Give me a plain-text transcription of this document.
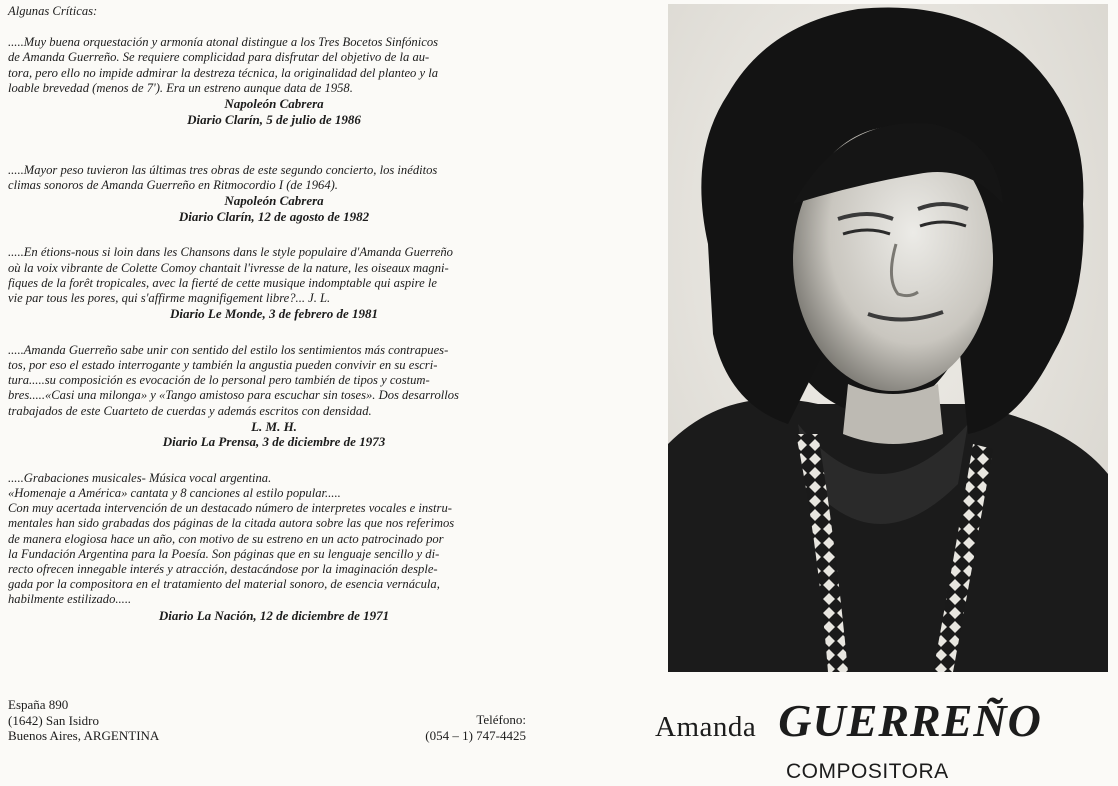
Algunas Críticas:
.....Muy buena orquestación y armonía atonal distingue a los Tres Bocetos Sinfónicos
de Amanda Guerreño. Se requiere complicidad para disfrutar del objetivo de la au-
tora, pero ello no impide admirar la destreza técnica, la originalidad del planteo y la
loable brevedad (menos de 7'). Era un estreno aunque data de 1958.
Napoleón Cabrera
Diario Clarín, 5 de julio de 1986
.....Mayor peso tuvieron las últimas tres obras de este segundo concierto, los inéditos
climas sonoros de Amanda Guerreño en Ritmocordio I (de 1964).
Napoleón Cabrera
Diario Clarín, 12 de agosto de 1982
.....En étions-nous si loin dans les Chansons dans le style populaire d'Amanda Guerreño
où la voix vibrante de Colette Comoy chantait l'ivresse de la nature, les oiseaux magni-
fiques de la forêt tropicales, avec la fierté de cette musique indomptable qui aspire le
vie par tous les pores, qui s'affirme magnifigement libre?... J. L.
Diario Le Monde, 3 de febrero de 1981
.....Amanda Guerreño sabe unir con sentido del estilo los sentimientos más contrapues-
tos, por eso el estado interrogante y también la angustia pueden convivir en su escri-
tura.....su composición es evocación de lo personal pero también de tipos y costum-
bres.....«Casi una milonga» y «Tango amistoso para escuchar sin toses». Dos desarrollos
trabajados de este Cuarteto de cuerdas y además escritos con densidad.
L. M. H.
Diario La Prensa, 3 de diciembre de 1973
.....Grabaciones musicales- Música vocal argentina.
«Homenaje a América» cantata y 8 canciones al estilo popular.....
Con muy acertada intervención de un destacado número de interpretes vocales e instru-
mentales han sido grabadas dos páginas de la citada autora sobre las que nos referimos
de manera elogiosa hace un año, con motivo de su estreno en un acto patrocinado por
la Fundación Argentina para la Poesía. Son páginas que en su lenguaje sencillo y di-
recto ofrecen innegable interés y atracción, destacándose por la imaginación desple-
gada por la compositora en el tratamiento del material sonoro, de esencia vernácula,
habilmente estilizado.....
Diario La Nación, 12 de diciembre de 1971
España 890
(1642) San Isidro
Buenos Aires, ARGENTINA
Teléfono:
(054 – 1) 747-4425	Amanda GUERREÑO
COMPOSITORA
